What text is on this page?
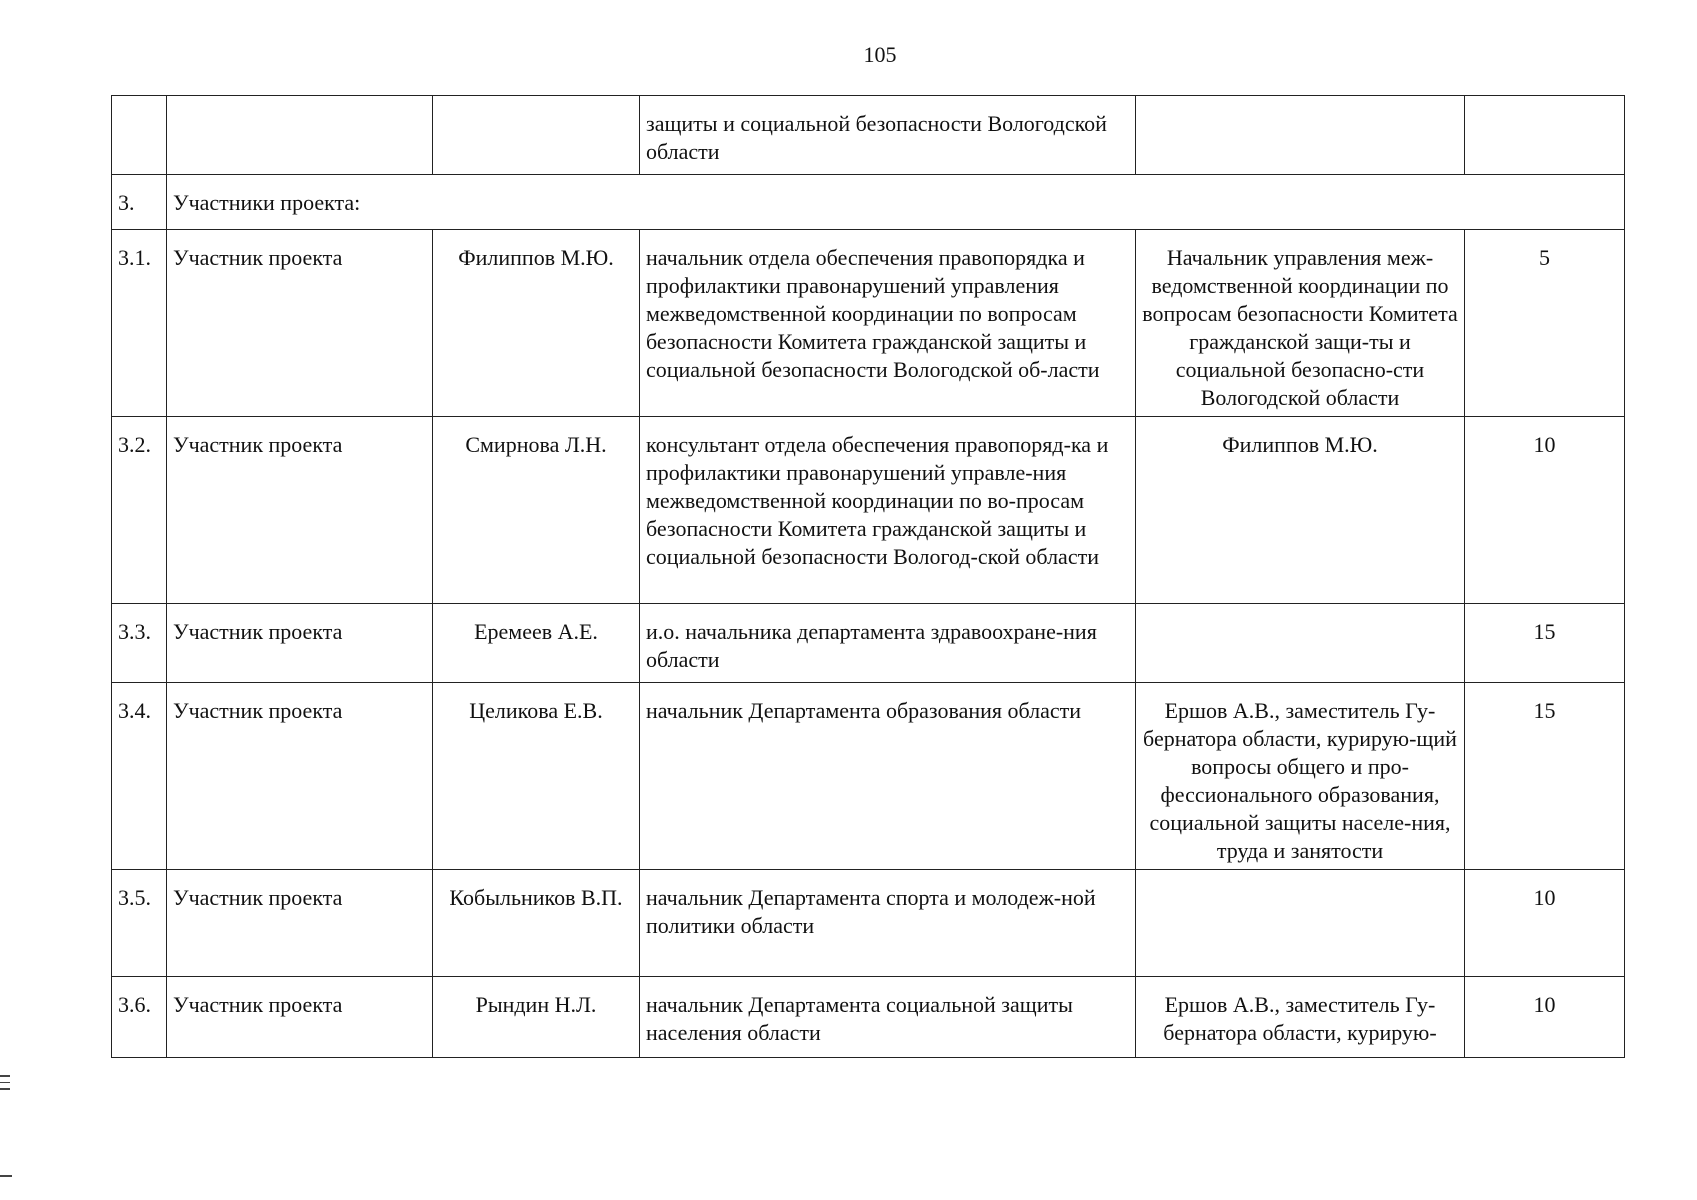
105
			защиты и социальной безопасности Вологодской области		
3.	Участники проекта:				
3.1.	Участник проекта	Филиппов М.Ю.	начальник отдела обеспечения правопорядка и профилактики правонарушений управления межведомственной координации по вопросам безопасности Комитета гражданской защиты и социальной безопасности Вологодской об-ласти	Начальник управления меж-ведомственной координации по вопросам безопасности Комитета гражданской защи-ты и социальной безопасно-сти Вологодской области	5
3.2.	Участник проекта	Смирнова Л.Н.	консультант отдела обеспечения правопоряд-ка и профилактики правонарушений управле-ния межведомственной координации по во-просам безопасности Комитета гражданской защиты и социальной безопасности Вологод-ской области	Филиппов М.Ю.	10
3.3.	Участник проекта	Еремеев А.Е.	и.о. начальника департамента здравоохране-ния области		15
3.4.	Участник проекта	Целикова Е.В.	начальник Департамента образования области	Ершов А.В., заместитель Гу-бернатора области, курирую-щий вопросы общего и про-фессионального образования, социальной защиты населе-ния, труда и занятости	15
3.5.	Участник проекта	Кобыльников В.П.	начальник Департамента спорта и молодеж-ной политики области		10
3.6.	Участник проекта	Рындин Н.Л.	начальник Департамента социальной защиты населения области	Ершов А.В., заместитель Гу-бернатора области, курирую-	10
